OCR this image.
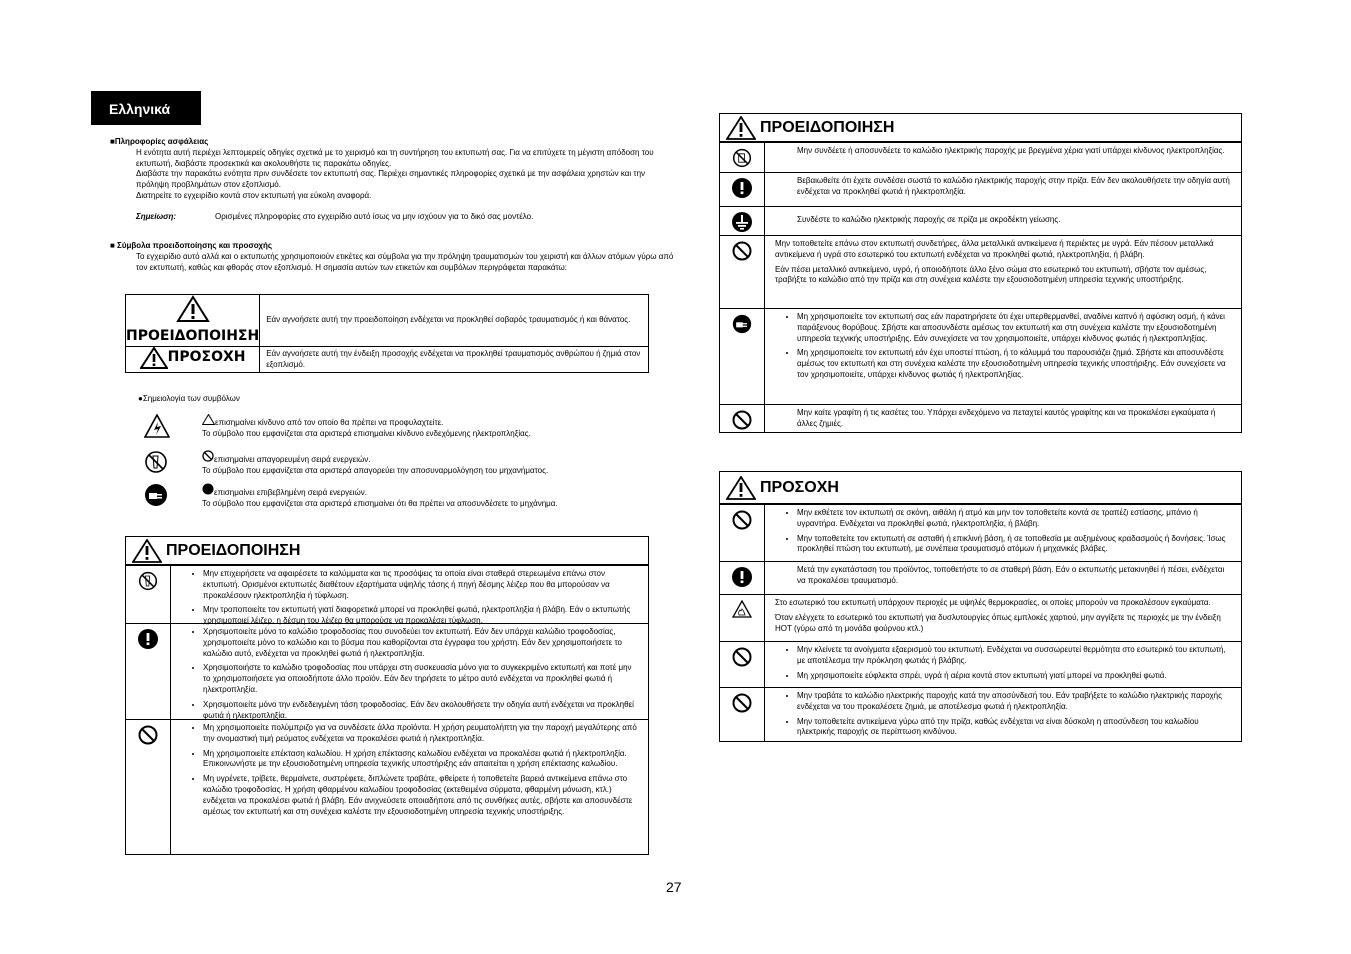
Ελληνικά
■Πληροφορίες ασφάλειας
Η ενότητα αυτή περιέχει λεπτομερείς οδηγίες σχετικά με το χειρισμό και τη συντήρηση του εκτυπωτή σας. Για να επιτύχετε τη μέγιστη απόδοση του εκτυπωτή, διαβάστε προσεκτικά και ακολουθήστε τις παρακάτω οδηγίες.
Διαβάστε την παρακάτω ενότητα πριν συνδέσετε τον εκτυπωτή σας. Περιέχει σημαντικές πληροφορίες σχετικά με την ασφάλεια χρηστών και την πρόληψη προβλημάτων στον εξοπλισμό.
Διατηρείτε το εγχειρίδιο κοντά στον εκτυπωτή για εύκολη αναφορά.
Σημείωση:	Ορισμένες πληροφορίες στο εγχειρίδιο αυτό ίσως να μην ισχύουν για το δικό σας μοντέλο.
■ Σύμβολα προειδοποίησης και προσοχής
Το εγχειρίδιο αυτό αλλά και ο εκτυπωτής χρησιμοποιούν ετικέτες και σύμβολα για την πρόληψη τραυματισμών του χειριστή και άλλων ατόμων γύρω από τον εκτυπωτή, καθώς και φθοράς στον εξοπλισμό. Η σημασία αυτών των ετικετών και συμβόλων περιγράφεται παρακάτω:
ΠΡΟΕΙΔΟΠΟΙΗΣΗ	Εάν αγνοήσετε αυτή την προειδοποίηση ενδέχεται να προκληθεί σοβαρός τραυματισμός ή και θάνατος.

ΠΡΟΣΟΧΗ	Εάν αγνοήσετε αυτή την ένδειξη προσοχής ενδέχεται να προκληθεί τραυματισμός ανθρώπου ή ζημιά στον εξοπλισμό.
●Σημειολογία των συμβόλων
επισημαίνει κίνδυνο από τον οποίο θα πρέπει να προφυλαχτείτε.
Το σύμβολο που εμφανίζεται στα αριστερά επισημαίνει κίνδυνο ενδεχόμενης ηλεκτροπληξίας.
επισημαίνει απαγορευμένη σειρά ενεργειών.
Το σύμβολο που εμφανίζεται στα αριστερά απαγορεύει την αποσυναρμολόγηση του μηχανήματος.
επισημαίνει επιβεβλημένη σειρά ενεργειών.
Το σύμβολο που εμφανίζεται στα αριστερά επισημαίνει ότι θα πρέπει να αποσυνδέσετε το μηχάνημα.
ΠΡΟΕΙΔΟΠΟΙΗΣΗ
• Μην επιχειρήσετε να αφαιρέσετε τα καλύμματα και τις προσόψεις τα οποία είναι σταθερά στερεωμένα επάνω στον εκτυπωτή. Ορισμένοι εκτυπωτές διαθέτουν εξαρτήματα υψηλής τάσης ή πηγή δέσμης λέιζερ που θα μπορούσαν να προκαλέσουν ηλεκτροπληξία ή τύφλωση.
• Μην τροποποιείτε τον εκτυπωτή γιατί διαφορετικά μπορεί να προκληθεί φωτιά, ηλεκτροπληξία ή βλάβη. Εάν ο εκτυπωτής χρησιμοποιεί λέιζερ, η δέσμη του λέιζερ θα μπορούσε να προκαλέσει τύφλωση.
• Χρησιμοποιείτε μόνο το καλώδιο τροφοδοσίας που συνοδεύει τον εκτυπωτή. Εάν δεν υπάρχει καλώδιο τροφοδοσίας, χρησιμοποιείτε μόνο το καλώδιο και το βύσμα που καθορίζονται στα έγγραφα του χρήστη. Εάν δεν χρησιμοποιήσετε το καλώδιο αυτό, ενδέχεται να προκληθεί φωτιά ή ηλεκτροπληξία.
• Χρησιμοποιήστε το καλώδιο τροφοδοσίας που υπάρχει στη συσκευασία μόνο για το συγκεκριμένο εκτυπωτή και ποτέ μην το χρησιμοποιήσετε για οποιοδήποτε άλλο προϊόν. Εάν δεν τηρήσετε το μέτρο αυτό ενδέχεται να προκληθεί φωτιά ή ηλεκτροπληξία.
• Χρησιμοποιείτε μόνο την ενδεδειγμένη τάση τροφοδοσίας. Εάν δεν ακολουθήσετε την οδηγία αυτή ενδέχεται να προκληθεί φωτιά ή ηλεκτροπληξία.
• Μη χρησιμοποιείτε πολύμπριζο για να συνδέσετε άλλα προϊόντα. Η χρήση ρευματολήπτη για την παροχή μεγαλύτερης από την ονομαστική τιμή ρεύματος ενδέχεται να προκαλέσει φωτιά ή ηλεκτροπληξία.
• Μη χρησιμοποιείτε επέκταση καλωδίου. Η χρήση επέκτασης καλωδίου ενδέχεται να προκαλέσει φωτιά ή ηλεκτροπληξία. Επικοινωνήστε με την εξουσιοδοτημένη υπηρεσία τεχνικής υποστήριξης εάν απαιτείται η χρήση επέκτασης καλωδίου.
• Μη υγρένετε, τρίβετε, θερμαίνετε, συστρέφετε, διπλώνετε τραβάτε, φθείρετε ή τοποθετείτε βαρειά αντικείμενα επάνω στο καλώδιο τροφοδοσίας. Η χρήση φθαρμένου καλωδίου τροφοδοσίας (εκτεθειμένα σύρματα, φθαρμένη μόνωση, κτλ.) ενδέχεται να προκαλέσει φωτιά ή βλάβη. Εάν ανιχνεύσετε οποιαδήποτε από τις συνθήκες αυτές, σβήστε και αποσυνδέστε αμέσως τον εκτυπωτή και στη συνέχεια καλέστε την εξουσιοδοτημένη υπηρεσία τεχνικής υποστήριξης.
ΠΡΟΕΙΔΟΠΟΙΗΣΗ
Μην συνδέετε ή αποσυνδέετε το καλώδιο ηλεκτρικής παροχής με βρεγμένα χέρια γιατί υπάρχει κίνδυνος ηλεκτροπληξίας.
Βεβαιωθείτε ότι έχετε συνδέσει σωστά το καλώδιο ηλεκτρικής παροχής στην πρίζα. Εάν δεν ακολουθήσετε την οδηγία αυτή ενδέχεται να προκληθεί φωτιά ή ηλεκτροπληξία.
Συνδέστε το καλώδιο ηλεκτρικής παροχής σε πρίζα με ακροδέκτη γείωσης.

Μην τοποθετείτε επάνω στον εκτυπωτή συνδετήρες, άλλα μεταλλικά αντικείμενα ή περιέκτες με υγρά. Εάν πέσουν μεταλλικά αντικείμενα ή υγρά στο εσωτερικό του εκτυπωτή ενδέχεται να προκληθεί φωτιά, ηλεκτροπληξία, ή βλάβη.

Εάν πέσει μεταλλικό αντικείμενο, υγρό, ή οποιοδήποτε άλλο ξένο σώμα στο εσωτερικό του εκτυπωτή, σβήστε τον αμέσως, τραβήξτε το καλώδιο από την πρίζα και στη συνέχεια καλέστε την εξουσιοδοτημένη υπηρεσία τεχνικής υποστήριξης.

• Μη χρησιμοποιείτε τον εκτυπωτή σας εάν παρατηρήσετε ότι έχει υπερθερμανθεί, αναδίνει καπνό ή αφύσικη οσμή, ή κάνει παράξενους θορύβους. Σβήστε και αποσυνδέστε αμέσως τον εκτυπωτή και στη συνέχεια καλέστε την εξουσιοδοτημένη υπηρεσία τεχνικής υποστήριξης. Εάν συνεχίσετε να τον χρησιμοποιείτε, υπάρχει κίνδυνος φωτιάς ή ηλεκτροπληξίας.
• Μη χρησιμοποιείτε τον εκτυπωτή εάν έχει υποστεί πτώση, ή το κάλυμμά του παρουσιάζει ζημιά. Σβήστε και αποσυνδέστε αμέσως τον εκτυπωτή και στη συνέχεια καλέστε την εξουσιοδοτημένη υπηρεσία τεχνικής υποστήριξης. Εάν συνεχίσετε να τον χρησιμοποιείτε, υπάρχει κίνδυνος φωτιάς ή ηλεκτροπληξίας.
Μην καίτε γραφίτη ή τις κασέτες του. Υπάρχει ενδεχόμενο να πεταχτεί καυτός γραφίτης και να προκαλέσει εγκαύματα ή άλλες ζημιές.
ΠΡΟΣΟΧΗ
• Μην εκθέτετε τον εκτυπωτή σε σκόνη, αιθάλη ή ατμό και μην τον τοποθετείτε κοντά σε τραπέζι εστίασης, μπάνιο ή υγραντήρα. Ενδέχεται να προκληθεί φωτιά, ηλεκτροπληξία, ή βλάβη.
• Μην τοποθετείτε τον εκτυπωτή σε ασταθή ή επικλινή βάση, ή σε τοποθεσία με αυξημένους κραδασμούς ή δονήσεις. Ίσως προκληθεί πτώση του εκτυπωτή, με συνέπεια τραυματισμό ατόμων ή μηχανικές βλάβες.
Μετά την εγκατάσταση του προϊόντος, τοποθετήστε το σε σταθερή βάση. Εάν ο εκτυπωτής μετακινηθεί ή πέσει, ενδέχεται να προκαλέσει τραυματισμό.

Στο εσωτερικό του εκτυπωτή υπάρχουν περιοχές με υψηλές θερμοκρασίες, οι οποίες μπορούν να προκαλέσουν εγκαύματα.

Όταν ελέγχετε το εσωτερικό του εκτυπωτή για δυσλυτουργίες όπως εμπλοκές χαρτιού, μην αγγίξετε τις περιοχές με την ένδειξη HOT (γύρω από τη μονάδα φούρνου κτλ.)

• Μην κλείνετε τα ανοίγματα εξαερισμού του εκτυπωτή. Ενδέχεται να συσσωρευτεί θερμότητα στο εσωτερικό του εκτυπωτή, με αποτέλεσμα την πρόκληση φωτιάς ή βλάβης.
• Μη χρησιμοποιείτε εύφλεκτα σπρέι, υγρά ή αέρια κοντά στον εκτυπωτή γιατί μπορεί να προκληθεί φωτιά.
• Μην τραβάτε το καλώδιο ηλεκτρικής παροχής κατά την αποσύνδεσή του. Εάν τραβήξετε το καλώδιο ηλεκτρικής παροχής ενδέχεται να του προκαλέσετε ζημιά, με αποτέλεσμα φωτιά ή ηλεκτροπληξία.
• Μην τοποθετείτε αντικείμενα γύρω από την πρίζα, καθώς ενδέχεται να είναι δύσκολη η αποσύνδεση του καλωδίου ηλεκτρικής παροχής σε περίπτωση κινδύνου.
27
